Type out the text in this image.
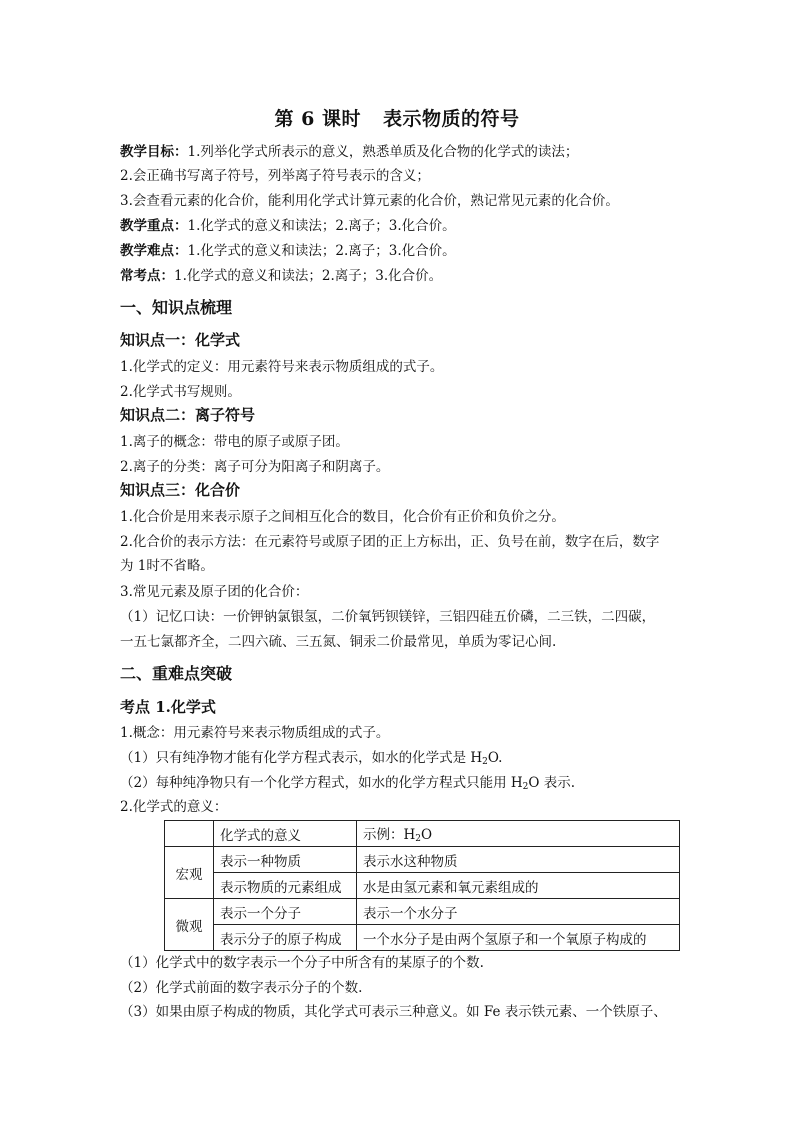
第 6 课时 表示物质的符号
教学目标：1.列举化学式所表示的意义，熟悉单质及化合物的化学式的读法；
2.会正确书写离子符号，列举离子符号表示的含义；
3.会查看元素的化合价，能利用化学式计算元素的化合价，熟记常见元素的化合价。
教学重点：1.化学式的意义和读法；2.离子；3.化合价。
教学难点：1.化学式的意义和读法；2.离子；3.化合价。
常考点：1.化学式的意义和读法；2.离子；3.化合价。
一、知识点梳理
知识点一：化学式
1.化学式的定义：用元素符号来表示物质组成的式子。
2.化学式书写规则。
知识点二：离子符号
1.离子的概念：带电的原子或原子团。
2.离子的分类：离子可分为阳离子和阴离子。
知识点三：化合价
1.化合价是用来表示原子之间相互化合的数目，化合价有正价和负价之分。
2.化合价的表示方法：在元素符号或原子团的正上方标出，正、负号在前，数字在后，数字
为 1时不省略。
3.常见元素及原子团的化合价：
（1）记忆口诀：一价钾钠氯银氢，二价氧钙钡镁锌，三铝四硅五价磷，二三铁，二四碳，
一五七氯都齐全，二四六硫、三五氮、铜汞二价最常见，单质为零记心间.
二、重难点突破
考点 1.化学式
1.概念：用元素符号来表示物质组成的式子。
（1）只有纯净物才能有化学方程式表示，如水的化学式是 $H_2O$.
（2）每种纯净物只有一个化学方程式，如水的化学方程式只能用 $H_2O$ 表示.
2.化学式的意义：
	化学式的意义	示例：$H_2O$
宏观	表示一种物质	表示水这种物质
	表示物质的元素组成	水是由氢元素和氧元素组成的
微观	表示一个分子	表示一个水分子
	表示分子的原子构成	一个水分子是由两个氢原子和一个氧原子构成的
（1）化学式中的数字表示一个分子中所含有的某原子的个数.
（2）化学式前面的数字表示分子的个数.
（3）如果由原子构成的物质，其化学式可表示三种意义。如 Fe 表示铁元素、一个铁原子、
